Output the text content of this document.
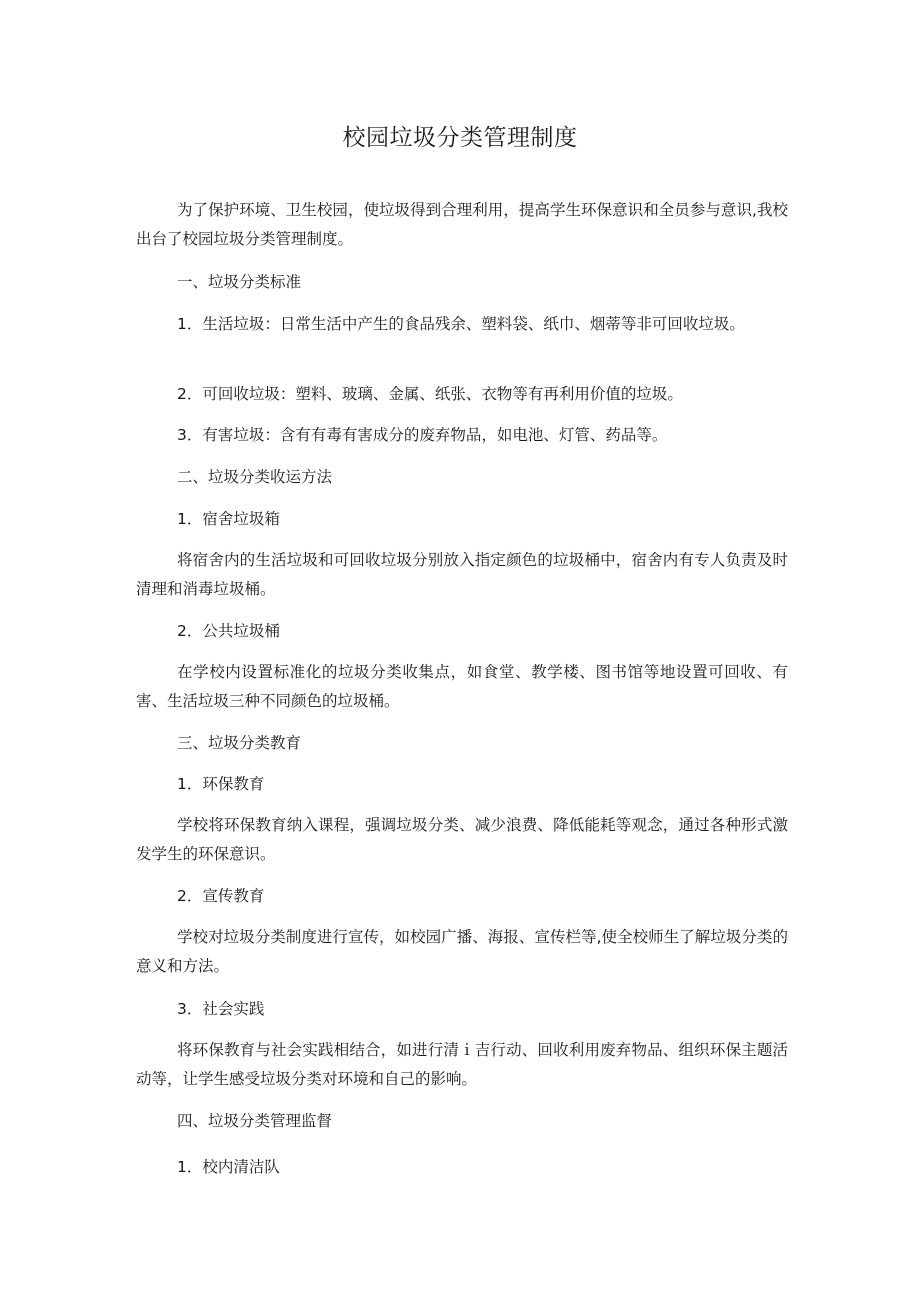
校园垃圾分类管理制度

为了保护环境、卫生校园，使垃圾得到合理利用，提高学生环保意识和全员参与意识,我校出台了校园垃圾分类管理制度。

一、垃圾分类标准

1．生活垃圾：日常生活中产生的食品残余、塑料袋、纸巾、烟蒂等非可回收垃圾。

2．可回收垃圾：塑料、玻璃、金属、纸张、衣物等有再利用价值的垃圾。

3．有害垃圾：含有有毒有害成分的废弃物品，如电池、灯管、药品等。

二、垃圾分类收运方法

1．宿舍垃圾箱

将宿舍内的生活垃圾和可回收垃圾分别放入指定颜色的垃圾桶中，宿舍内有专人负责及时清理和消毒垃圾桶。

2．公共垃圾桶

在学校内设置标准化的垃圾分类收集点，如食堂、教学楼、图书馆等地设置可回收、有害、生活垃圾三种不同颜色的垃圾桶。

三、垃圾分类教育

1．环保教育

学校将环保教育纳入课程，强调垃圾分类、减少浪费、降低能耗等观念，通过各种形式激发学生的环保意识。

2．宣传教育

学校对垃圾分类制度进行宣传，如校园广播、海报、宣传栏等,使全校师生了解垃圾分类的意义和方法。

3．社会实践

将环保教育与社会实践相结合，如进行清ｉ吉行动、回收利用废弃物品、组织环保主题活动等，让学生感受垃圾分类对环境和自己的影响。

四、垃圾分类管理监督

1．校内清洁队
